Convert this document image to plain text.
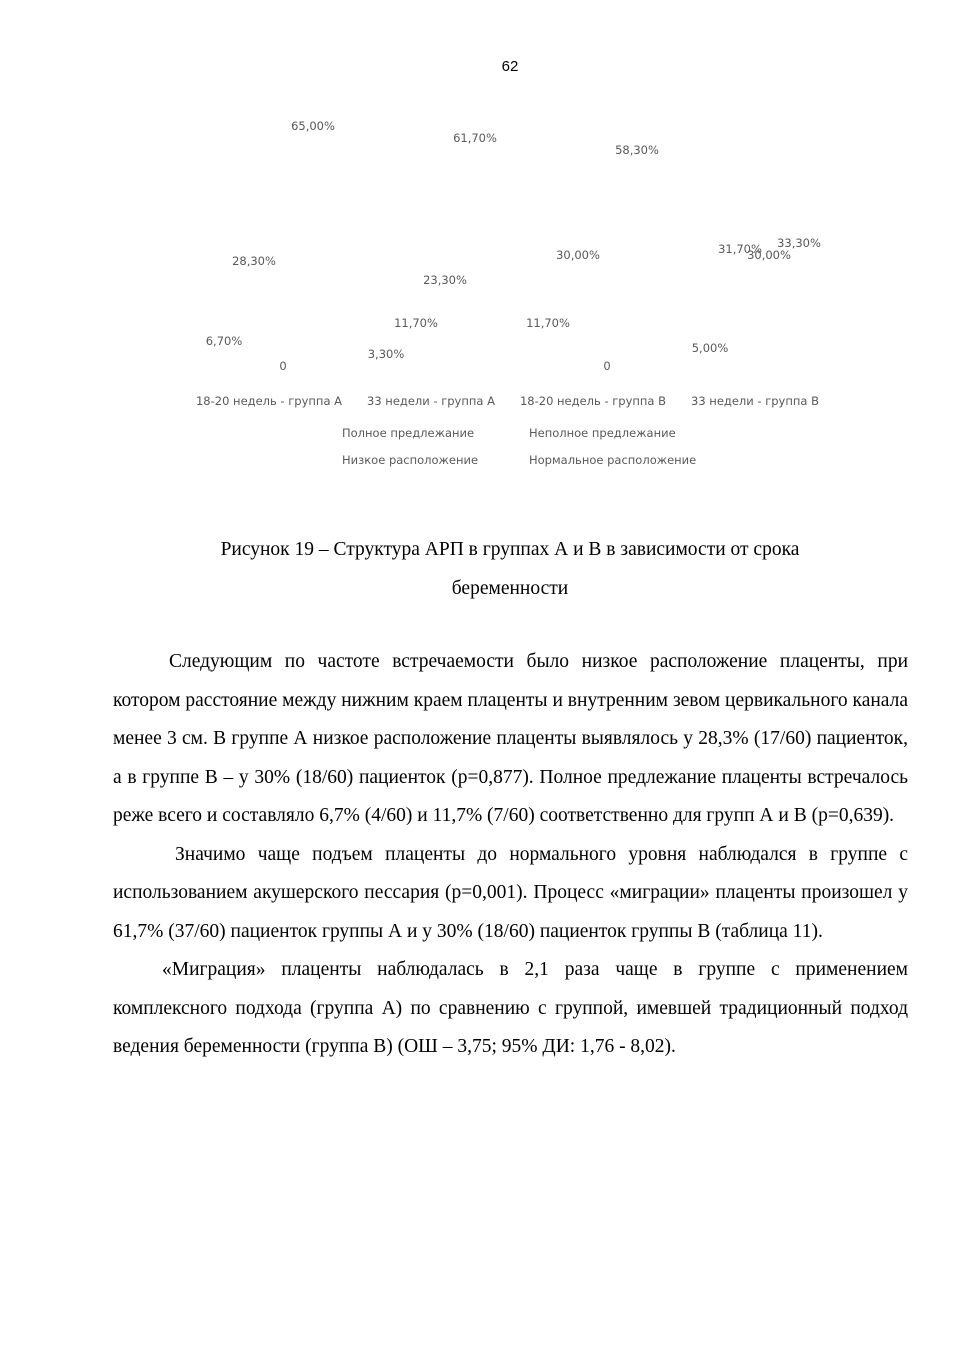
62
6,70%
3,30%
11,70%
5,00%
28,30%
11,70%
30,00%	31,70%
0
23,30%
0
30,00%
65,00%
61,70%
58,30%
33,30%
18-20 недель - группа А 33 недели - группа А 18-20 недель - группа В 33 недели - группа В
Полное предлежание	Неполное предлежание
Низкое расположение	Нормальное расположение
Рисунок 19 – Структура АРП в группах А и В в зависимости от срока
беременности

Следующим по частоте встречаемости было низкое расположение плаценты, при котором расстояние между нижним краем плаценты и внутренним зевом цервикального канала менее 3 см. В группе А низкое расположение плаценты выявлялось у 28,3% (17/60) пациенток, а в группе В – у 30% (18/60) пациенток (р=0,877). Полное предлежание плаценты встречалось реже всего и составляло 6,7% (4/60) и 11,7% (7/60) соответственно для групп А и В (р=0,639).

Значимо чаще подъем плаценты до нормального уровня наблюдался в группе с использованием акушерского пессария (р=0,001). Процесс «миграции» плаценты произошел у 61,7% (37/60) пациенток группы А и у 30% (18/60) пациенток группы В (таблица 11).

«Миграция» плаценты наблюдалась в 2,1 раза чаще в группе с применением комплексного подхода (группа А) по сравнению с группой, имевшей традиционный подход ведения беременности (группа В) (ОШ – 3,75; 95% ДИ: 1,76 - 8,02).
